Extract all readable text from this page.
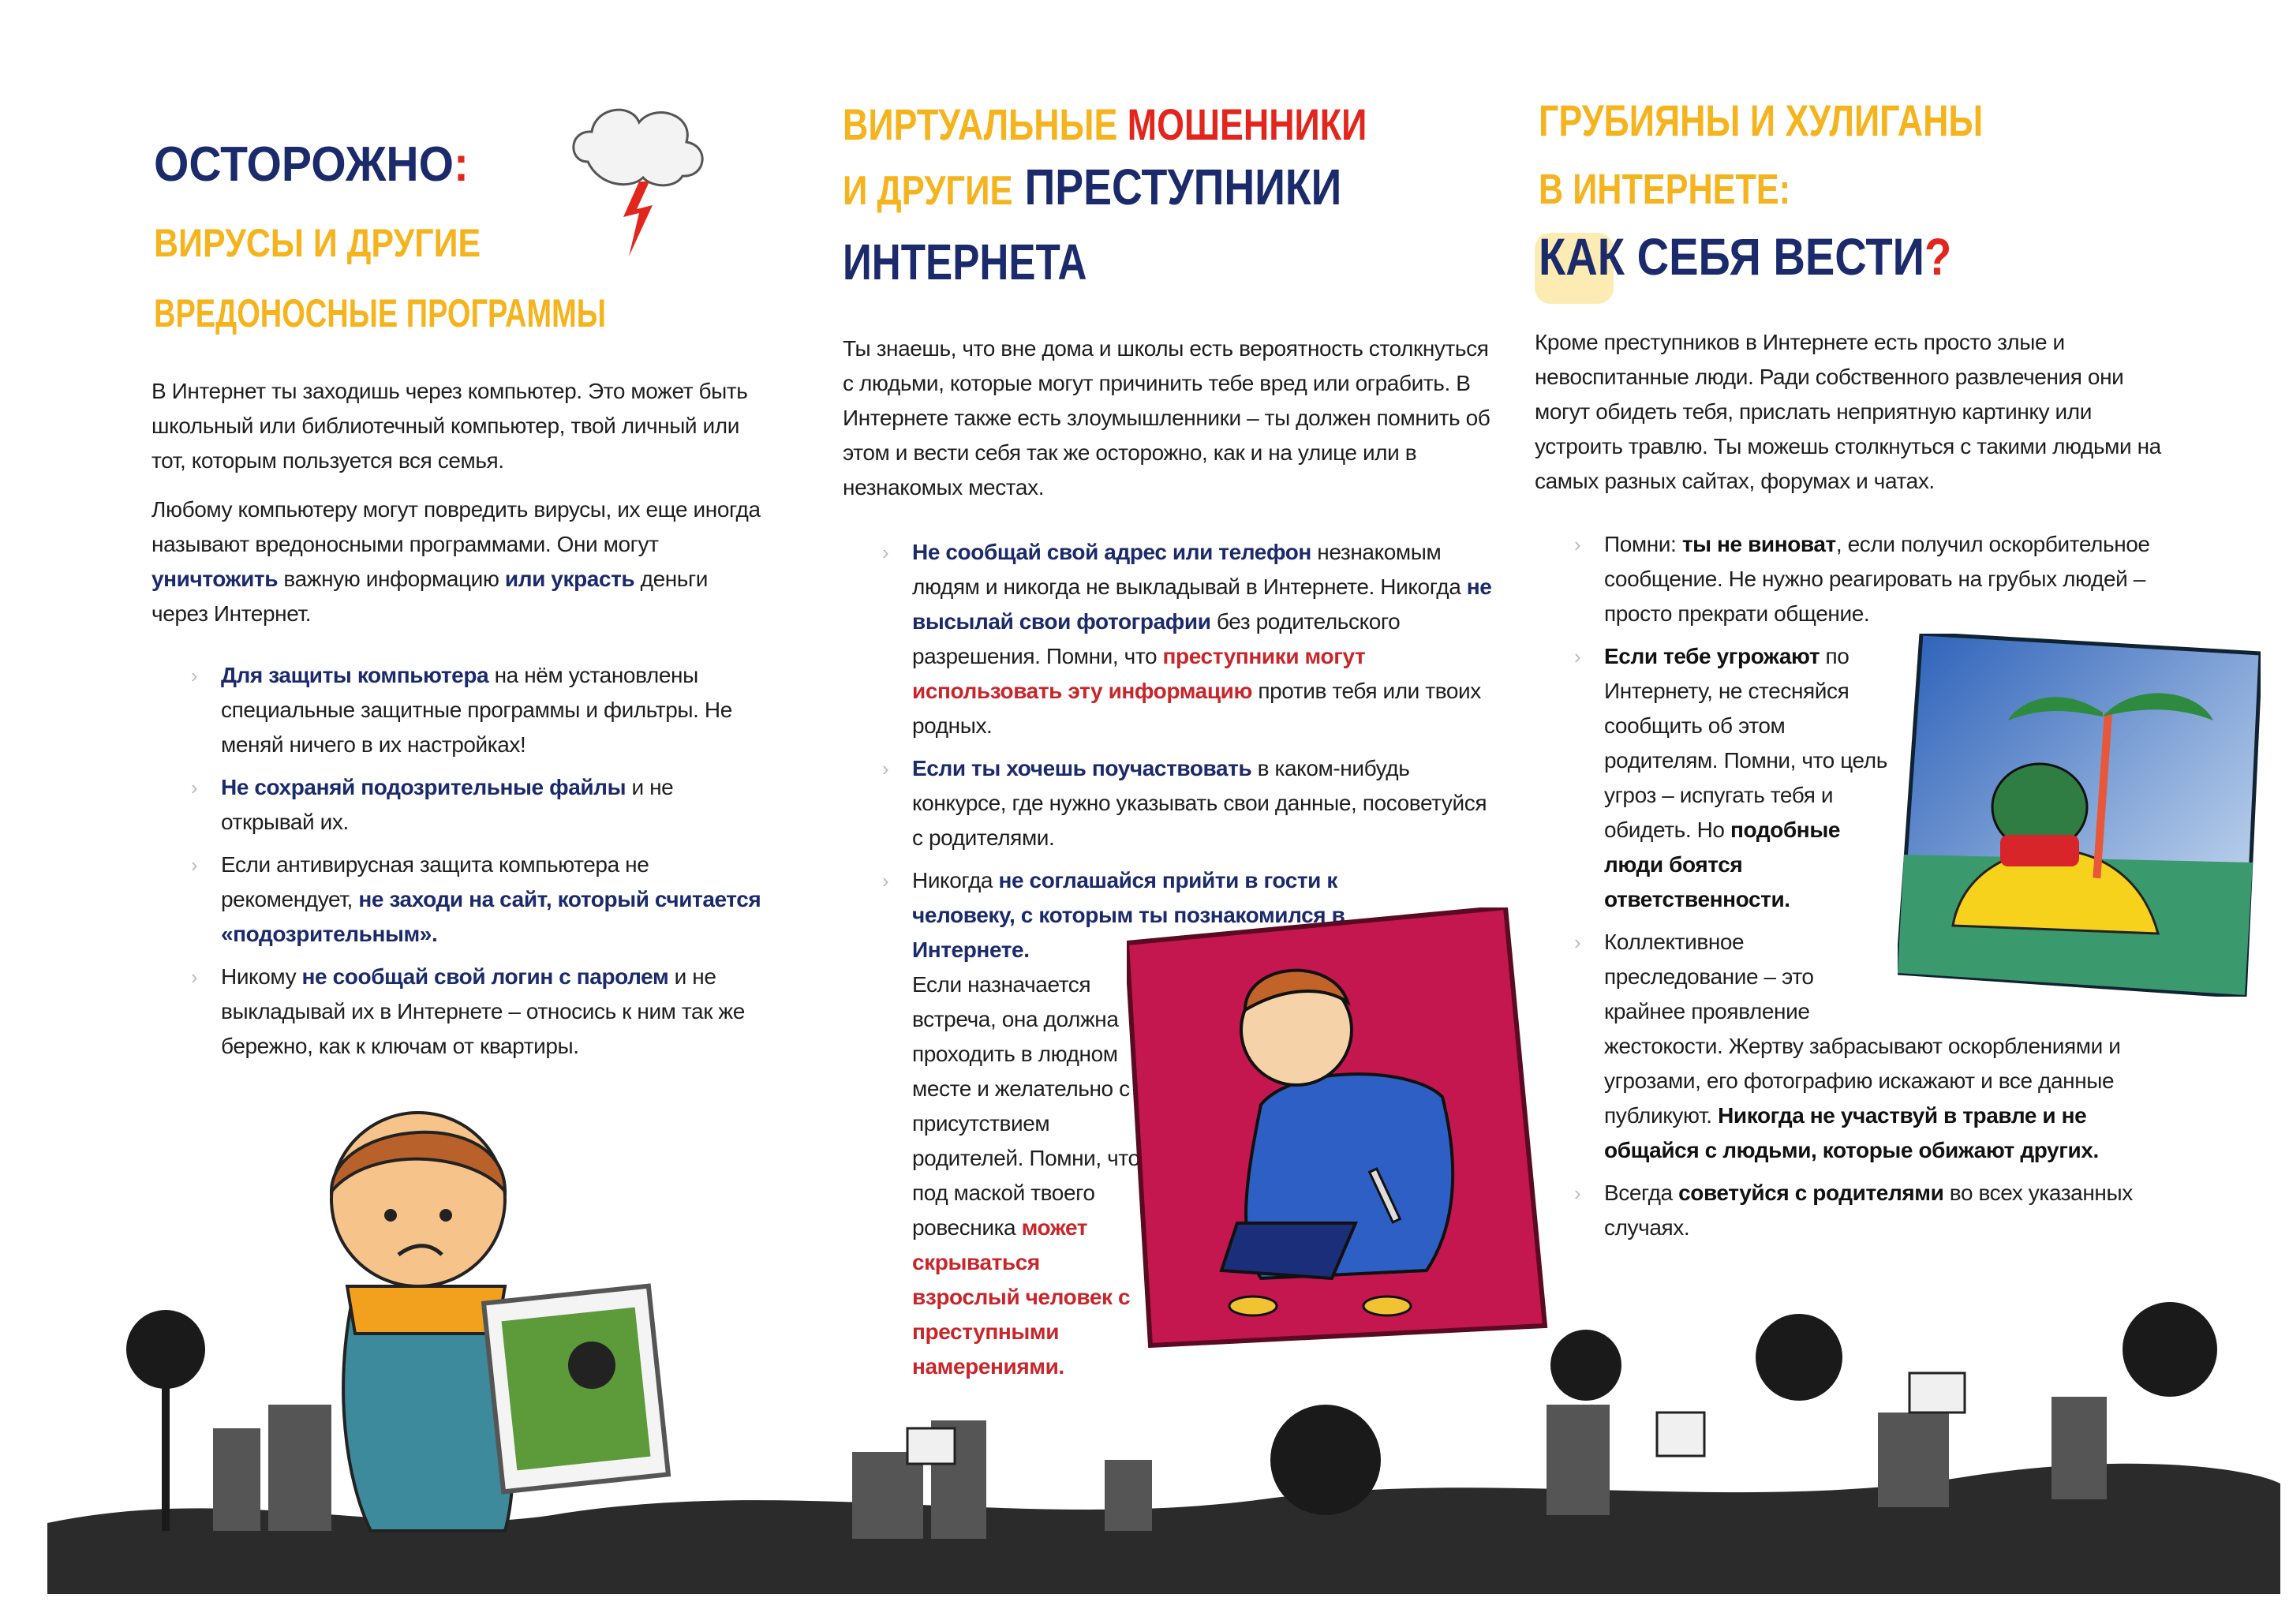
ОСТОРОЖНО:
ВИРУСЫ И ДРУГИЕ
ВРЕДОНОСНЫЕ ПРОГРАММЫ

В Интернет ты заходишь через компьютер. Это может быть школьный или библиотечный компьютер, твой личный или тот, которым пользуется вся семья.

Любому компьютеру могут повредить вирусы, их еще иногда называют вредоносными программами. Они могут уничтожить важную информацию или украсть деньги через Интернет.

› Для защиты компьютера на нём установлены специальные защитные программы и фильтры. Не меняй ничего в их настройках!
› Не сохраняй подозрительные файлы и не открывай их.
› Если антивирусная защита компьютера не рекомендует, не заходи на сайт, который считается «подозрительным».
› Никому не сообщай свой логин с паролем и не выкладывай их в Интернете – относись к ним так же бережно, как к ключам от квартиры.
ВИРТУАЛЬНЫЕ МОШЕННИКИ
И ДРУГИЕ ПРЕСТУПНИКИ
ИНТЕРНЕТА

Ты знаешь, что вне дома и школы есть вероятность столкнуться с людьми, которые могут причинить тебе вред или ограбить. В Интернете также есть злоумышленники – ты должен помнить об этом и вести себя так же осторожно, как и на улице или в незнакомых местах.

› Не сообщай свой адрес или телефон незнакомым людям и никогда не выкладывай в Интернете. Никогда не высылай свои фотографии без родительского разрешения. Помни, что преступники могут использовать эту информацию против тебя или твоих родных.
› Если ты хочешь поучаствовать в каком-нибудь конкурсе, где нужно указывать свои данные, посоветуйся с родителями.
› Никогда не соглашайся прийти в гости к человеку, с которым ты познакомился в Интернете.
Если назначается встреча, она должна проходить в людном месте и желательно с присутствием родителей. Помни, что под маской твоего ровесника может скрываться взрослый человек с преступными намерениями.
ГРУБИЯНЫ И ХУЛИГАНЫ
В ИНТЕРНЕТЕ:
КАК СЕБЯ ВЕСТИ?

Кроме преступников в Интернете есть просто злые и невоспитанные люди. Ради собственного развлечения они могут обидеть тебя, прислать неприятную картинку или устроить травлю. Ты можешь столкнуться с такими людьми на самых разных сайтах, форумах и чатах.

› Помни: ты не виноват, если получил оскорбительное сообщение. Не нужно реагировать на грубых людей – просто прекрати общение.
› Если тебе угрожают по Интернету, не стесняйся сообщить об этом родителям. Помни, что цель угроз – испугать тебя и обидеть. Но подобные люди боятся ответственности.
› Коллективное преследование – это крайнее проявление жестокости. Жертву забрасывают оскорблениями и угрозами, его фотографию искажают и все данные публикуют. Никогда не участвуй в травле и не общайся с людьми, которые обижают других.
› Всегда советуйся с родителями во всех указанных случаях.
